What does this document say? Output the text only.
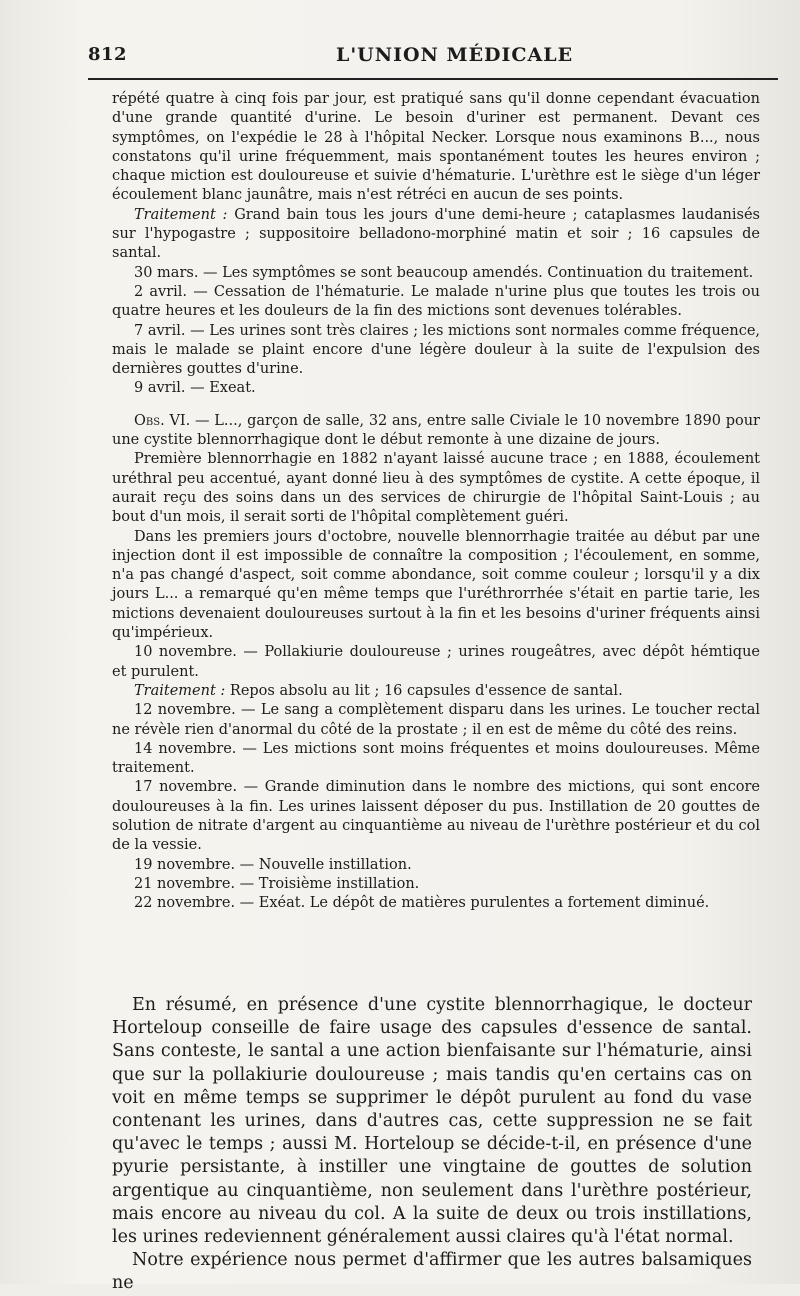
812	L'UNION MÉDICALE

répété quatre à cinq fois par jour, est pratiqué sans qu'il donne cependant évacuation d'une grande quantité d'urine. Le besoin d'uriner est permanent. Devant ces symptômes, on l'expédie le 28 à l'hôpital Necker. Lorsque nous examinons B..., nous constatons qu'il urine fréquemment, mais spontanément toutes les heures environ ; chaque miction est douloureuse et suivie d'hématurie. L'urèthre est le siège d'un léger écoulement blanc jaunâtre, mais n'est rétréci en aucun de ses points.

Traitement : Grand bain tous les jours d'une demi-heure ; cataplasmes laudanisés sur l'hypogastre ; suppositoire belladono-morphiné matin et soir ; 16 capsules de santal.

30 mars. — Les symptômes se sont beaucoup amendés. Continuation du traitement.

2 avril. — Cessation de l'hématurie. Le malade n'urine plus que toutes les trois ou quatre heures et les douleurs de la fin des mictions sont devenues tolérables.

7 avril. — Les urines sont très claires ; les mictions sont normales comme fréquence, mais le malade se plaint encore d'une légère douleur à la suite de l'expulsion des dernières gouttes d'urine.

9 avril. — Exeat.

Obs. VI. — L..., garçon de salle, 32 ans, entre salle Civiale le 10 novembre 1890 pour une cystite blennorrhagique dont le début remonte à une dizaine de jours.

Première blennorrhagie en 1882 n'ayant laissé aucune trace ; en 1888, écoulement uréthral peu accentué, ayant donné lieu à des symptômes de cystite. A cette époque, il aurait reçu des soins dans un des services de chirurgie de l'hôpital Saint-Louis ; au bout d'un mois, il serait sorti de l'hôpital complètement guéri.

Dans les premiers jours d'octobre, nouvelle blennorrhagie traitée au début par une injection dont il est impossible de connaître la composition ; l'écoulement, en somme, n'a pas changé d'aspect, soit comme abondance, soit comme couleur ; lorsqu'il y a dix jours L... a remarqué qu'en même temps que l'uréthrorrhée s'était en partie tarie, les mictions devenaient douloureuses surtout à la fin et les besoins d'uriner fréquents ainsi qu'impérieux.

10 novembre. — Pollakiurie douloureuse ; urines rougeâtres, avec dépôt hémtique et purulent.

Traitement : Repos absolu au lit ; 16 capsules d'essence de santal.

12 novembre. — Le sang a complètement disparu dans les urines. Le toucher rectal ne révèle rien d'anormal du côté de la prostate ; il en est de même du côté des reins.

14 novembre. — Les mictions sont moins fréquentes et moins douloureuses. Même traitement.

17 novembre. — Grande diminution dans le nombre des mictions, qui sont encore douloureuses à la fin. Les urines laissent déposer du pus. Instillation de 20 gouttes de solution de nitrate d'argent au cinquantième au niveau de l'urèthre postérieur et du col de la vessie.

19 novembre. — Nouvelle instillation.

21 novembre. — Troisième instillation.

22 novembre. — Exéat. Le dépôt de matières purulentes a fortement diminué.

En résumé, en présence d'une cystite blennorrhagique, le docteur Horteloup conseille de faire usage des capsules d'essence de santal. Sans conteste, le santal a une action bienfaisante sur l'hématurie, ainsi que sur la pollakiurie douloureuse ; mais tandis qu'en certains cas on voit en même temps se supprimer le dépôt purulent au fond du vase contenant les urines, dans d'autres cas, cette suppression ne se fait qu'avec le temps ; aussi M. Horteloup se décide-t-il, en présence d'une pyurie persistante, à instiller une vingtaine de gouttes de solution argentique au cinquantième, non seulement dans l'urèthre postérieur, mais encore au niveau du col. A la suite de deux ou trois instillations, les urines redeviennent généralement aussi claires qu'à l'état normal.

Notre expérience nous permet d'affirmer que les autres balsamiques ne
